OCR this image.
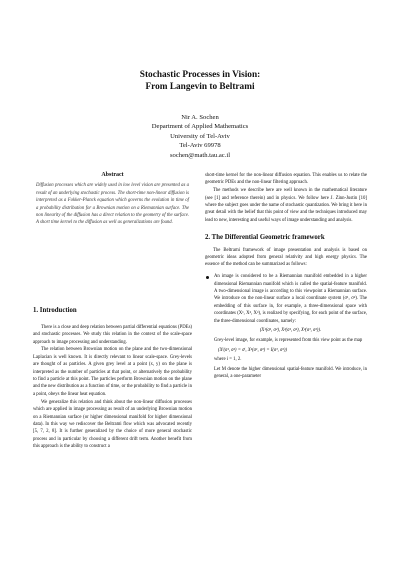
Stochastic Processes in Vision:
From Langevin to Beltrami
Nir A. Sochen
Department of Applied Mathematics
University of Tel-Aviv
Tel-Aviv 69978
sochen@math.tau.ac.il
Abstract
Diffusion processes which are widely used in low level vision are presented as a result of an underlying stochastic process. The short-time non-linear diffusion is interpreted as a Fokker-Planck equation which governs the evolution in time of a probability distribution for a Brownian motion on a Riemannian surface. The non linearity of the diffusion has a direct relation to the geometry of the surface. A short time kernel to the diffusion as well as generalizations are found.
1. Introduction

There is a close and deep relation between partial differential equations (PDEs) and stochastic processes. We study this relation in the context of the scale-space approach to image processing and understanding.

The relation between Brownian motion on the plane and the two-dimensional Laplacian is well known. It is directly relevant to linear scale-space. Grey-levels are thought of as particles. A given grey level at a point (x, y) on the plane is interpreted as the number of particles at that point, or alternatively the probability to find a particle at this point. The particles perform Brownian motion on the plane and the new distribution as a function of time, or the probability to find a particle in a point, obeys the linear heat equation.

We generalize this relation and think about the non-linear diffusion processes which are applied in image processing as result of an underlying Brownian motion on a Riemannian surface (or higher dimensional manifold for higher dimensional data). In this way we rediscover the Beltrami flow which was advocated recently [5, 7, 2, 8]. It is further generalized by the choice of more general stochastic process and in particular by choosing a different drift term. Another benefit from this approach is the ability to construct a

short-time kernel for the non-linear diffusion equation. This enables us to relate the geometric PDEs and the non-linear filtering approach.

The methods we describe here are well known in the mathematical literature (see [1] and reference therein) and in physics. We follow here J. Zinn-Justin [10] where the subject goes under the name of stochastic quantization. We bring it here in great detail with the belief that this point of view and the techniques introduced may lead to new, interesting and useful ways of image understanding and analysis.

2. The Differential Geometric framework

The Beltrami framework of image presentation and analysis is based on geometric ideas adopted from general relativity and high energy physics. The essence of the method can be summarized as follows:

An image is considered to be a Riemannian manifold embedded in a higher dimensional Riemannian manifold which is called the spatial-feature manifold. A two-dimensional image is according to this viewpoint a Riemannian surface. We introduce on the non-linear surface a local coordinate system (σ¹, σ²). The embedding of this surface in, for example, a three-dimensional space with coordinates (X¹, X², X³), is realized by specifying, for each point of the surface, the three-dimensional coordinates, namely:

(X¹(σ¹, σ²), X²(σ¹, σ²), X³(σ¹, σ²)).

Grey-level image, for example, is represented from this view point as the map

(Xⁱ(σ¹, σ²) = σⁱ, X³(σ¹, σ²) = I(σ¹, σ²))

where i = 1, 2.

Let M denote the higher dimensional spatial-feature manifold. We introduce, in general, a one-parameter
